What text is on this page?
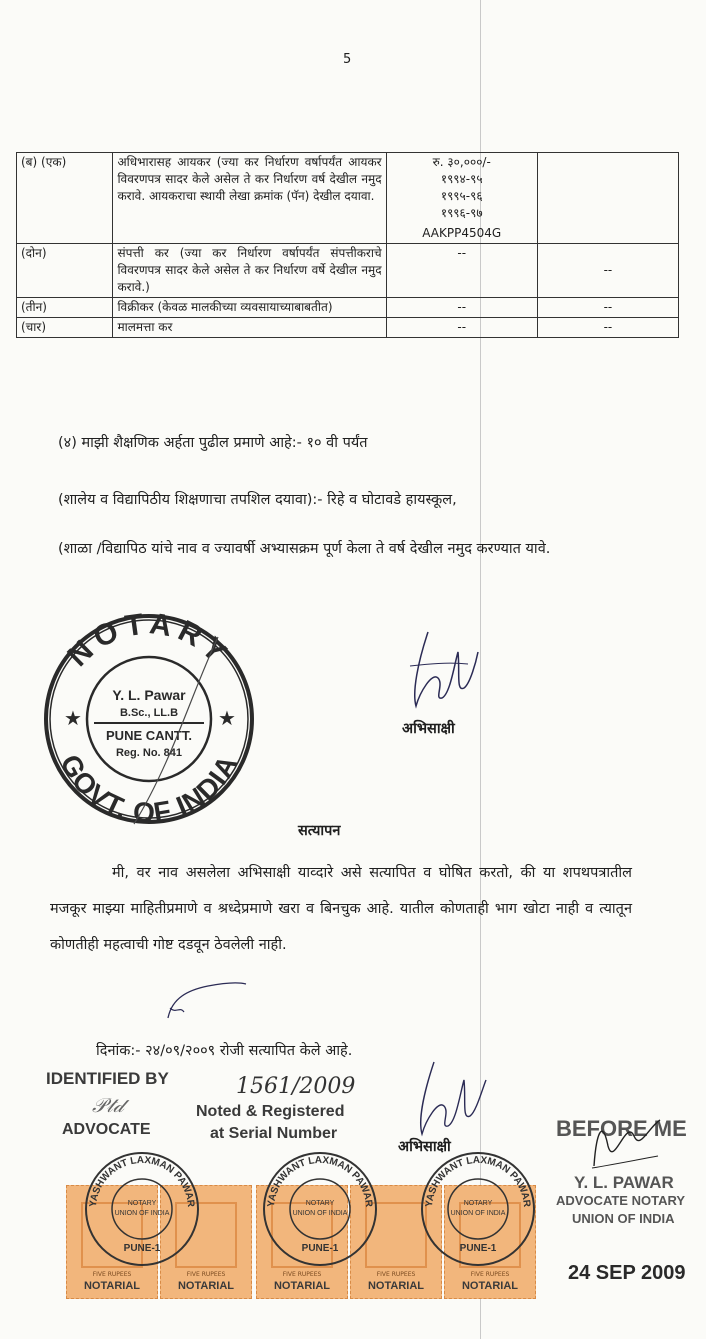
5
(ब) (एक)	अधिभारासह आयकर (ज्या कर निर्धारण वर्षापर्यंत आयकर विवरणपत्र सादर केले असेल ते कर निर्धारण वर्ष देखील नमुद करावे. आयकराचा स्थायी लेखा क्रमांक (पॅन) देखील दयावा.	रु. ३०,०००/-
१९९४-९५
१९९५-९६
१९९६-९७
AAKPP4504G	

(दोन)	संपत्ती कर (ज्या कर निर्धारण वर्षापर्यंत संपत्तीकराचे विवरणपत्र सादर केले असेल ते कर निर्धारण वर्षे देखील नमुद करावे.)	--	--
(तीन)	विक्रीकर (केवळ मालकीच्या व्यवसायाच्याबाबतीत)	--	--
(चार)	मालमत्ता कर	--	--
(४) माझी शैक्षणिक अर्हता पुढील प्रमाणे आहे:- १० वी पर्यंत
(शालेय व विद्यापिठीय शिक्षणाचा तपशिल दयावा):- रिहे व घोटावडे हायस्कूल,
(शाळा /विद्यापिठ यांचे नाव व ज्यावर्षी अभ्यासक्रम पूर्ण केला ते वर्ष देखील नमुद करण्यात यावे.
NOTARY
GOVT. OF INDIA
★	★
Y. L. Pawar
B.Sc., LL.B
PUNE CANTT.
Reg. No. 841
अभिसाक्षी
सत्यापन
मी, वर नाव असलेला अभिसाक्षी याव्दारे असे सत्यापित व घोषित करतो, की या शपथपत्रातील मजकूर माझ्या माहितीप्रमाणे व श्रध्देप्रमाणे खरा व बिनचुक आहे. यातील कोणताही भाग खोटा नाही व त्यातून कोणतीही महत्वाची गोष्ट दडवून ठेवलेली नाही.
दिनांक:- २४/०९/२००९ रोजी सत्यापित केले आहे.
IDENTIFIED BY
𝒫𝓉𝒹
ADVOCATE
1561/2009
Noted & Registered
at Serial Number
अभिसाक्षी
BEFORE ME
Y. L. PAWAR
ADVOCATE NOTARY
UNION OF INDIA
24 SEP 2009
FIVE RUPEES
NOTARIAL
FIVE RUPEES
NOTARIAL
FIVE RUPEES
NOTARIAL
FIVE RUPEES
NOTARIAL
FIVE RUPEES
NOTARIAL
YASHWANT LAXMAN PAWAR
NOTARY
UNION OF INDIA
PUNE-1
YASHWANT LAXMAN PAWAR
NOTARY
UNION OF INDIA
PUNE-1
YASHWANT LAXMAN PAWAR
NOTARY
UNION OF INDIA
PUNE-1
